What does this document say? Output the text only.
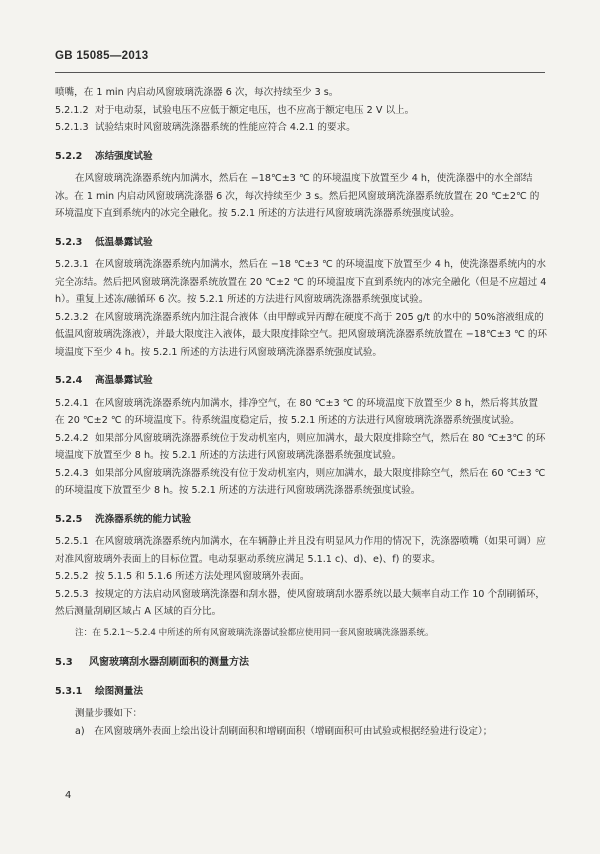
GB 15085—2013

喷嘴，在 1 min 内启动风窗玻璃洗涤器 6 次，每次持续至少 3 s。

5.2.1.2 对于电动泵，试验电压不应低于额定电压，也不应高于额定电压 2 V 以上。

5.2.1.3 试验结束时风窗玻璃洗涤器系统的性能应符合 4.2.1 的要求。

5.2.2 冻结强度试验

在风窗玻璃洗涤器系统内加满水，然后在 −18℃±3 ℃ 的环境温度下放置至少 4 h，使洗涤器中的水全部结冰。在 1 min 内启动风窗玻璃洗涤器 6 次，每次持续至少 3 s。然后把风窗玻璃洗涤器系统放置在 20 ℃±2℃ 的环境温度下直到系统内的冰完全融化。按 5.2.1 所述的方法进行风窗玻璃洗涤器系统强度试验。

5.2.3 低温暴露试验

5.2.3.1 在风窗玻璃洗涤器系统内加满水，然后在 −18 ℃±3 ℃ 的环境温度下放置至少 4 h，使洗涤器系统内的水完全冻结。然后把风窗玻璃洗涤器系统放置在 20 ℃±2 ℃ 的环境温度下直到系统内的冰完全融化（但是不应超过 4 h）。重复上述冻/融循环 6 次。按 5.2.1 所述的方法进行风窗玻璃洗涤器系统强度试验。

5.2.3.2 在风窗玻璃洗涤器系统内加注混合液体（由甲醇或异丙醇在硬度不高于 205 g/t 的水中的 50%溶液组成的低温风窗玻璃洗涤液），并最大限度注入液体，最大限度排除空气。把风窗玻璃洗涤器系统放置在 −18℃±3 ℃ 的环境温度下至少 4 h。按 5.2.1 所述的方法进行风窗玻璃洗涤器系统强度试验。

5.2.4 高温暴露试验

5.2.4.1 在风窗玻璃洗涤器系统内加满水，排净空气，在 80 ℃±3 ℃ 的环境温度下放置至少 8 h，然后将其放置在 20 ℃±2 ℃ 的环境温度下。待系统温度稳定后，按 5.2.1 所述的方法进行风窗玻璃洗涤器系统强度试验。

5.2.4.2 如果部分风窗玻璃洗涤器系统位于发动机室内，则应加满水，最大限度排除空气，然后在 80 ℃±3℃ 的环境温度下放置至少 8 h。按 5.2.1 所述的方法进行风窗玻璃洗涤器系统强度试验。

5.2.4.3 如果部分风窗玻璃洗涤器系统没有位于发动机室内，则应加满水，最大限度排除空气，然后在 60 ℃±3 ℃ 的环境温度下放置至少 8 h。按 5.2.1 所述的方法进行风窗玻璃洗涤器系统强度试验。

5.2.5 洗涤器系统的能力试验

5.2.5.1 在风窗玻璃洗涤器系统内加满水，在车辆静止并且没有明显风力作用的情况下，洗涤器喷嘴（如果可调）应对准风窗玻璃外表面上的目标位置。电动泵驱动系统应满足 5.1.1 c)、d)、e)、f) 的要求。

5.2.5.2 按 5.1.5 和 5.1.6 所述方法处理风窗玻璃外表面。

5.2.5.3 按规定的方法启动风窗玻璃洗涤器和刮水器，使风窗玻璃刮水器系统以最大频率自动工作 10 个刮刷循环，然后测量刮刷区域占 A 区域的百分比。

注：在 5.2.1～5.2.4 中所述的所有风窗玻璃洗涤器试验都应使用同一套风窗玻璃洗涤器系统。

5.3 风窗玻璃刮水器刮刷面积的测量方法

5.3.1 绘图测量法

测量步骤如下：

a)　在风窗玻璃外表面上绘出设计刮刷面积和增刷面积（增刷面积可由试验或根据经验进行设定）；

4
